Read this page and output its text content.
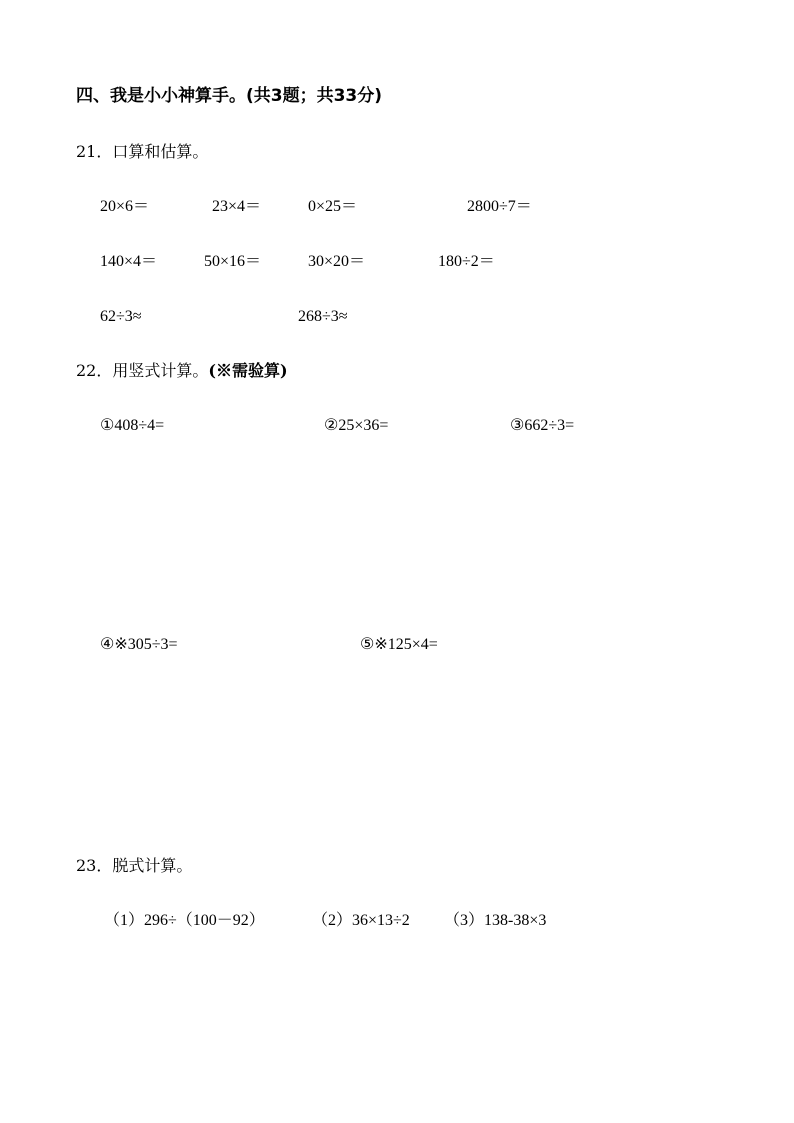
四、我是小小神算手。(共3题；共33分)
21．口算和估算。
20×6＝	23×4＝	0×25＝	2800÷7＝
140×4＝	50×16＝	30×20＝	180÷2＝
62÷3≈	268÷3≈
22．用竖式计算。(※需验算)
①408÷4=	②25×36=	③662÷3=
④※305÷3=	⑤※125×4=
23．脱式计算。
（1）296÷（100－92）	（2）36×13÷2 （3）138-38×3
